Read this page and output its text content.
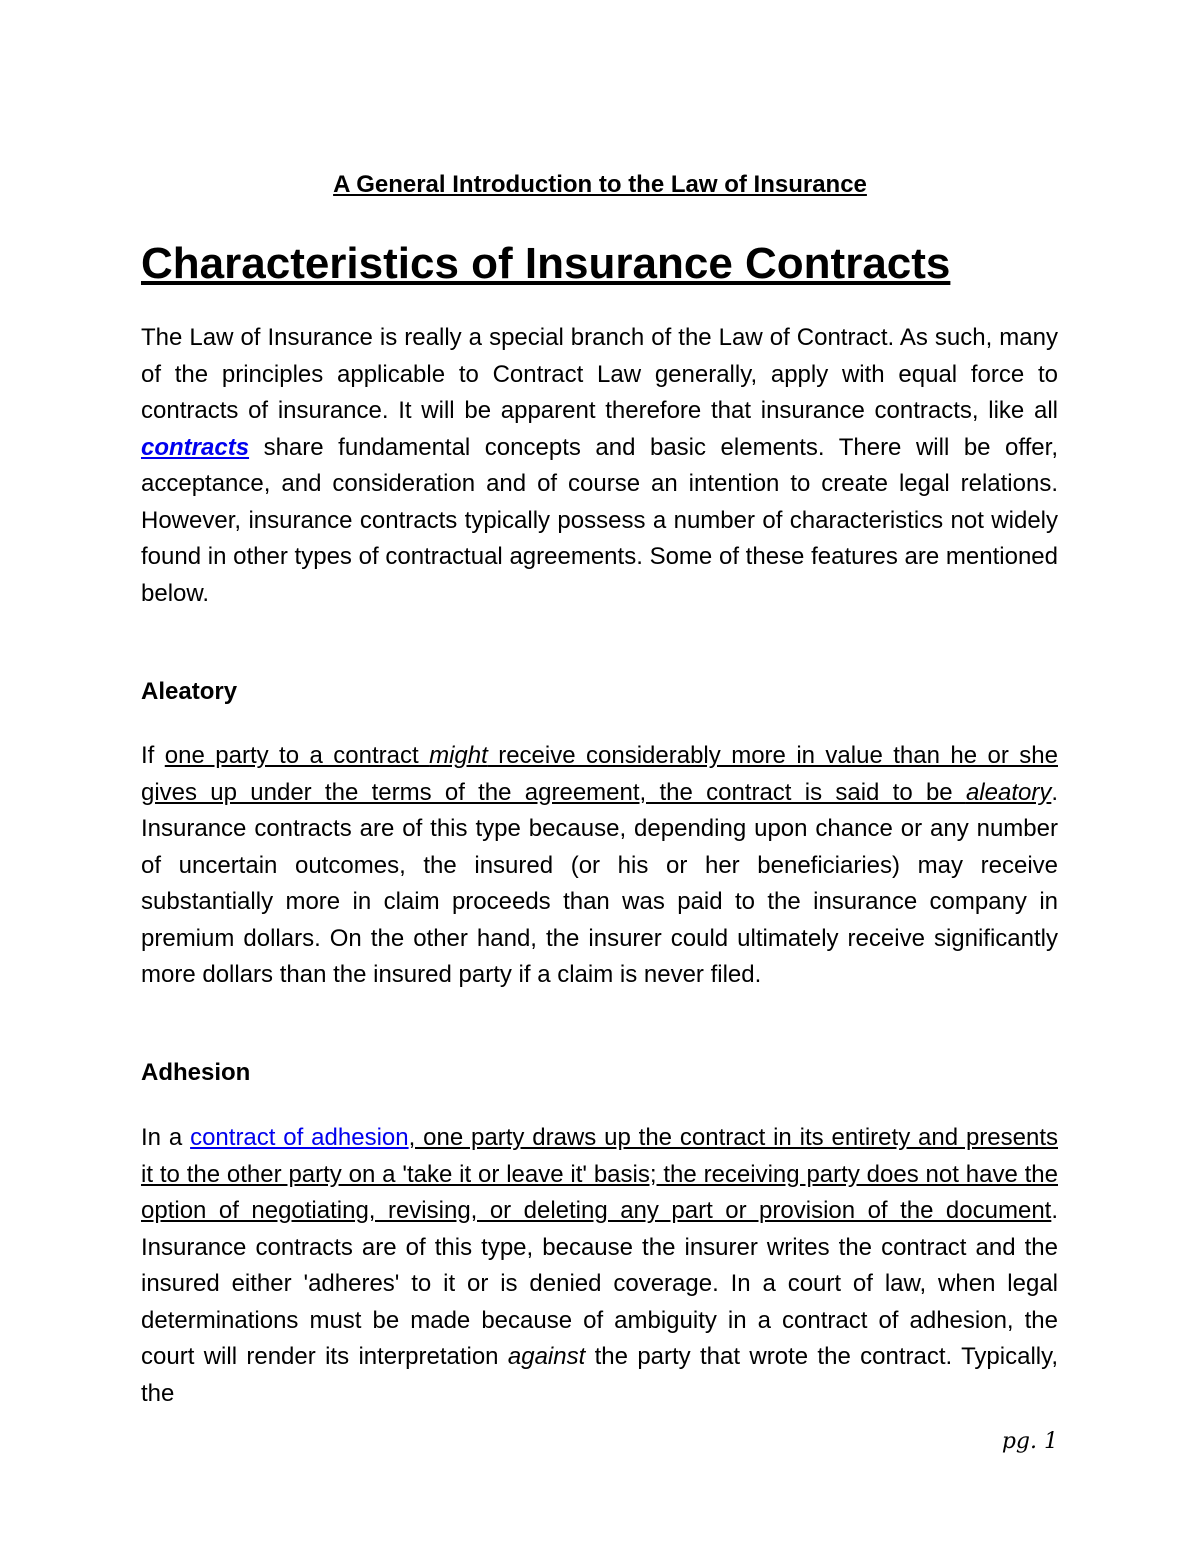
A General Introduction to the Law of Insurance
Characteristics of Insurance Contracts

The Law of Insurance is really a special branch of the Law of Contract. As such, many of the principles applicable to Contract Law generally, apply with equal force to contracts of insurance. It will be apparent therefore that insurance contracts, like all contracts share fundamental concepts and basic elements. There will be offer, acceptance, and consideration and of course an intention to create legal relations. However, insurance contracts typically possess a number of characteristics not widely found in other types of contractual agreements. Some of these features are mentioned below.

Aleatory

If one party to a contract might receive considerably more in value than he or she gives up under the terms of the agreement, the contract is said to be aleatory. Insurance contracts are of this type because, depending upon chance or any number of uncertain outcomes, the insured (or his or her beneficiaries) may receive substantially more in claim proceeds than was paid to the insurance company in premium dollars. On the other hand, the insurer could ultimately receive significantly more dollars than the insured party if a claim is never filed.

Adhesion

In a contract of adhesion, one party draws up the contract in its entirety and presents it to the other party on a 'take it or leave it' basis; the receiving party does not have the option of negotiating, revising, or deleting any part or provision of the document. Insurance contracts are of this type, because the insurer writes the contract and the insured either 'adheres' to it or is denied coverage. In a court of law, when legal determinations must be made because of ambiguity in a contract of adhesion, the court will render its interpretation against the party that wrote the contract. Typically, the

pg. 1
